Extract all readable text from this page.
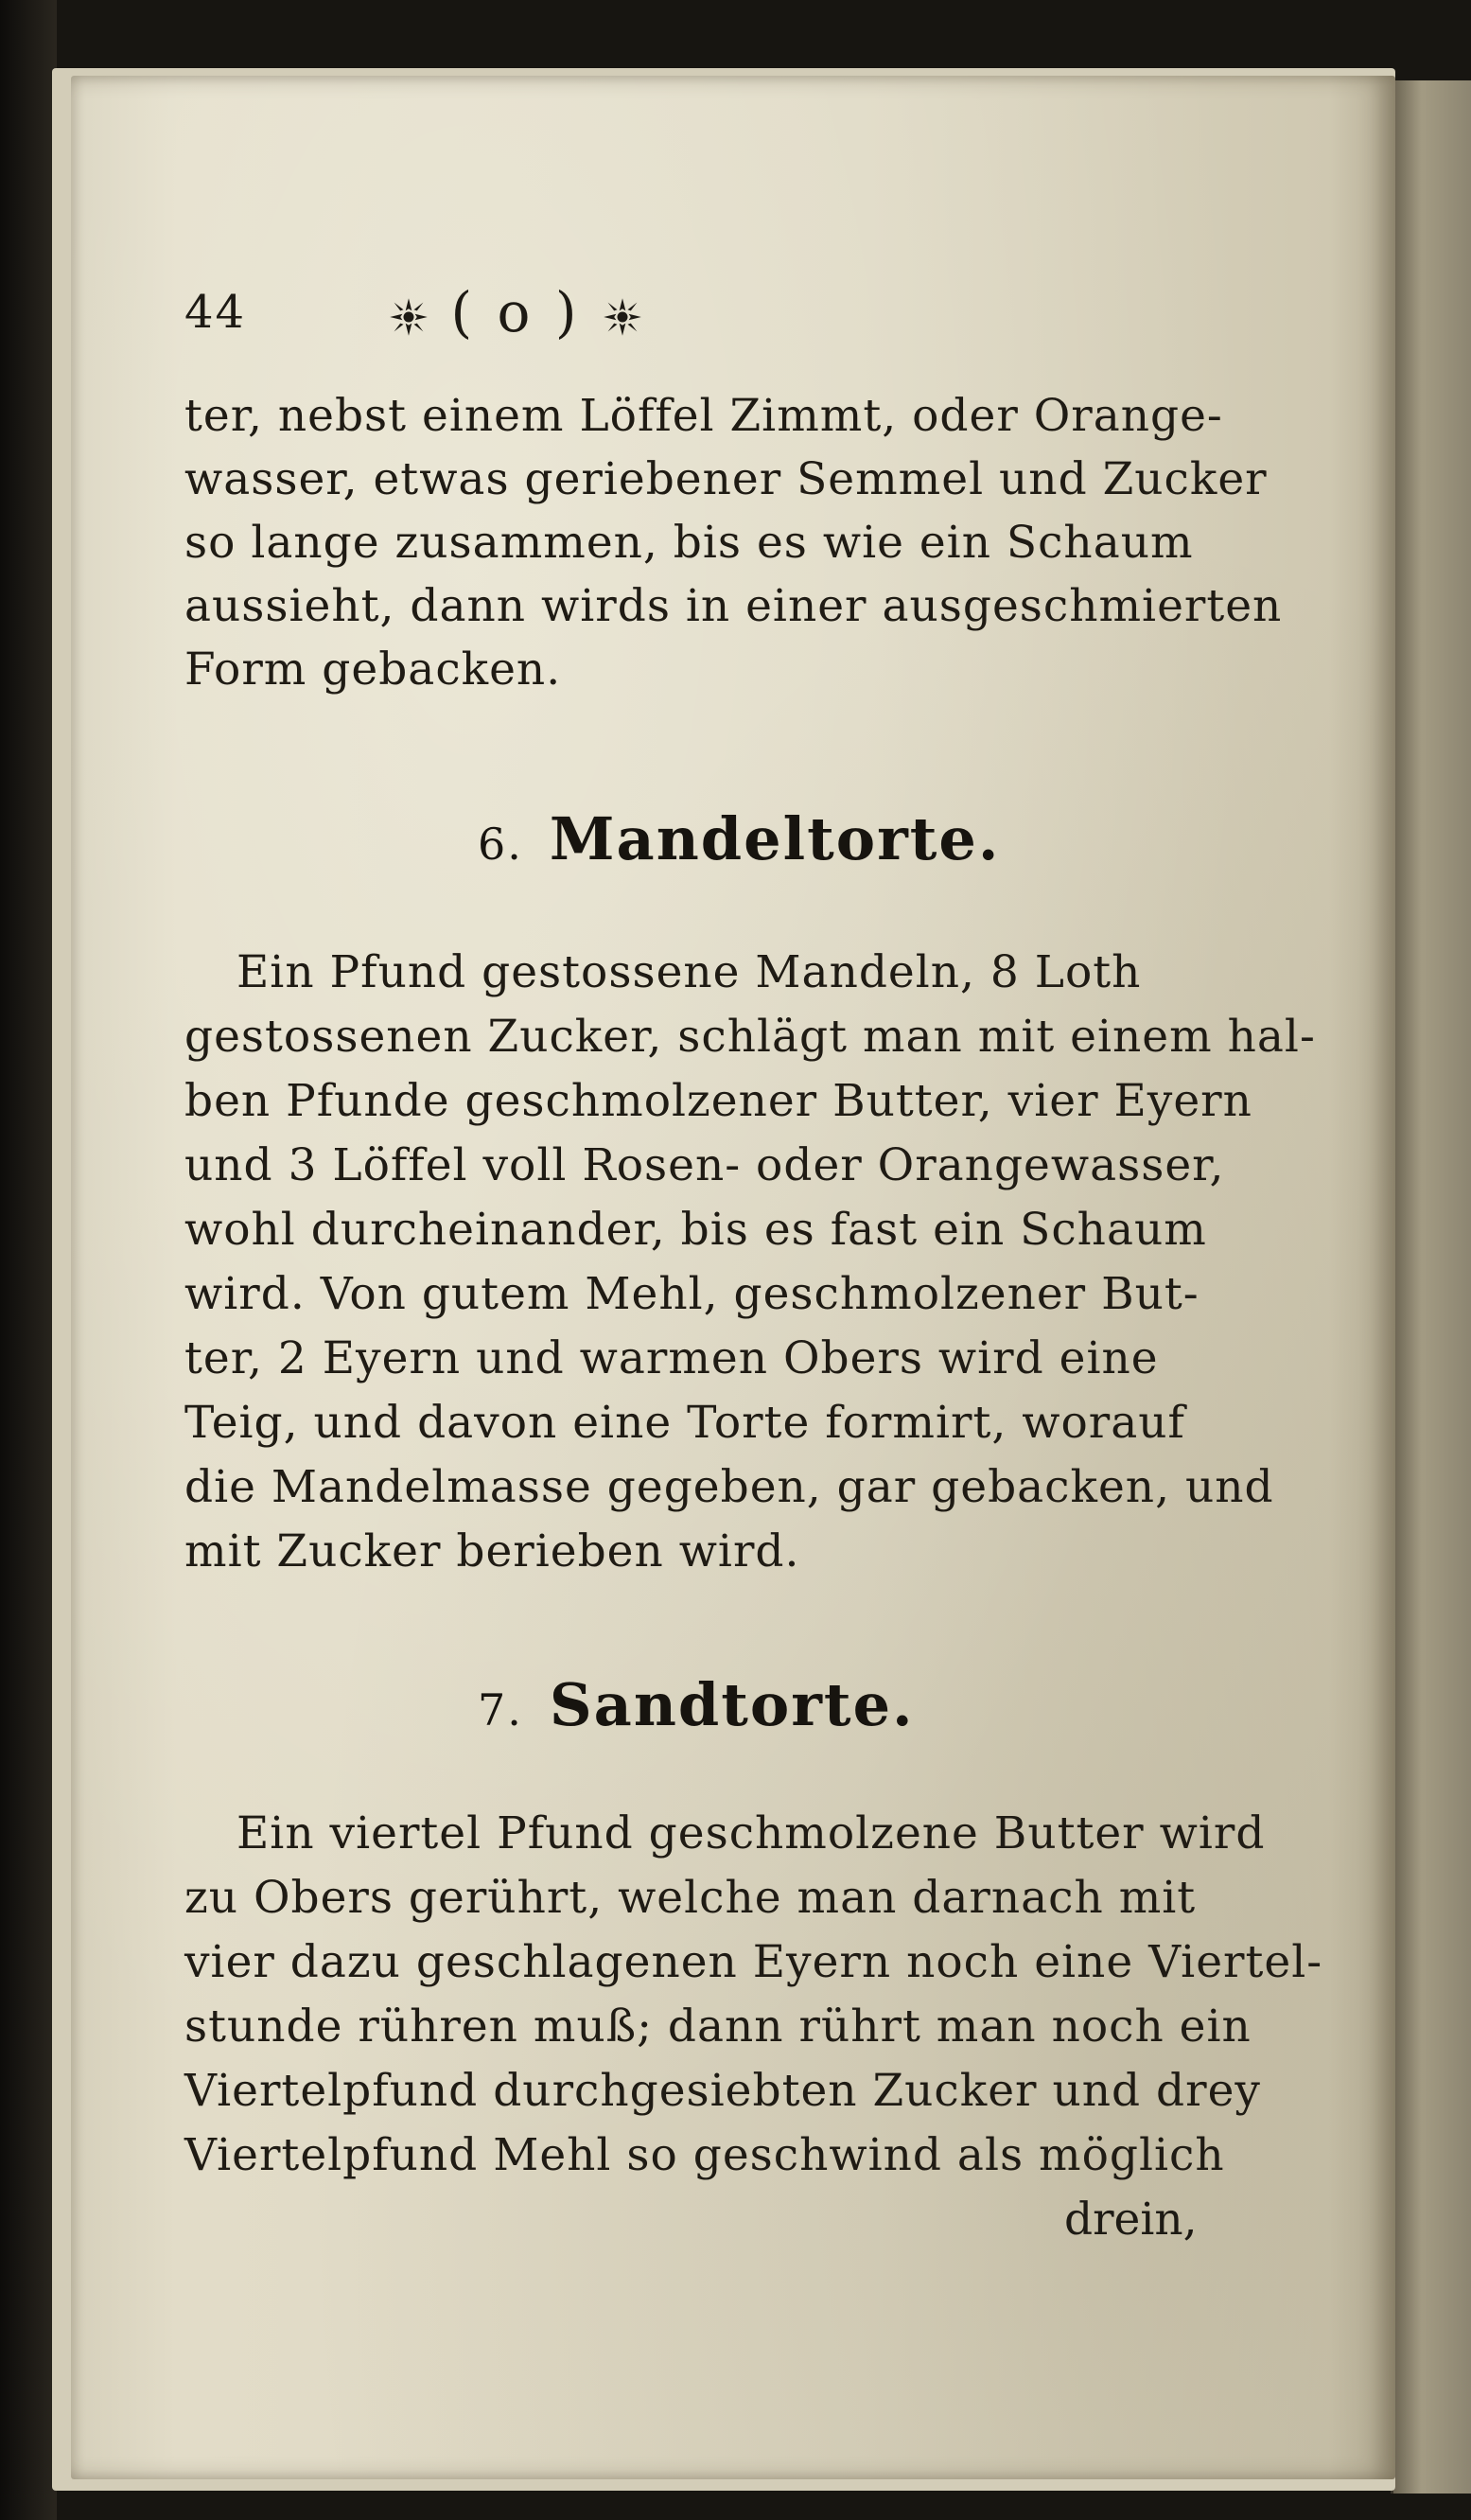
44	( o )
ter, nebst einem Löffel Zimmt, oder Orange-
wasser, etwas geriebener Semmel und Zucker
so lange zusammen, bis es wie ein Schaum
aussieht, dann wirds in einer ausgeschmierten
Form gebacken.
6. Mandeltorte.
Ein Pfund gestossene Mandeln, 8 Loth
gestossenen Zucker, schlägt man mit einem hal-
ben Pfunde geschmolzener Butter, vier Eyern
und 3 Löffel voll Rosen- oder Orangewasser,
wohl durcheinander, bis es fast ein Schaum
wird. Von gutem Mehl, geschmolzener But-
ter, 2 Eyern und warmen Obers wird eine
Teig, und davon eine Torte formirt, worauf
die Mandelmasse gegeben, gar gebacken, und
mit Zucker berieben wird.
7. Sandtorte.
Ein viertel Pfund geschmolzene Butter wird
zu Obers gerührt, welche man darnach mit
vier dazu geschlagenen Eyern noch eine Viertel-
stunde rühren muß; dann rührt man noch ein
Viertelpfund durchgesiebten Zucker und drey
Viertelpfund Mehl so geschwind als möglich
drein,
